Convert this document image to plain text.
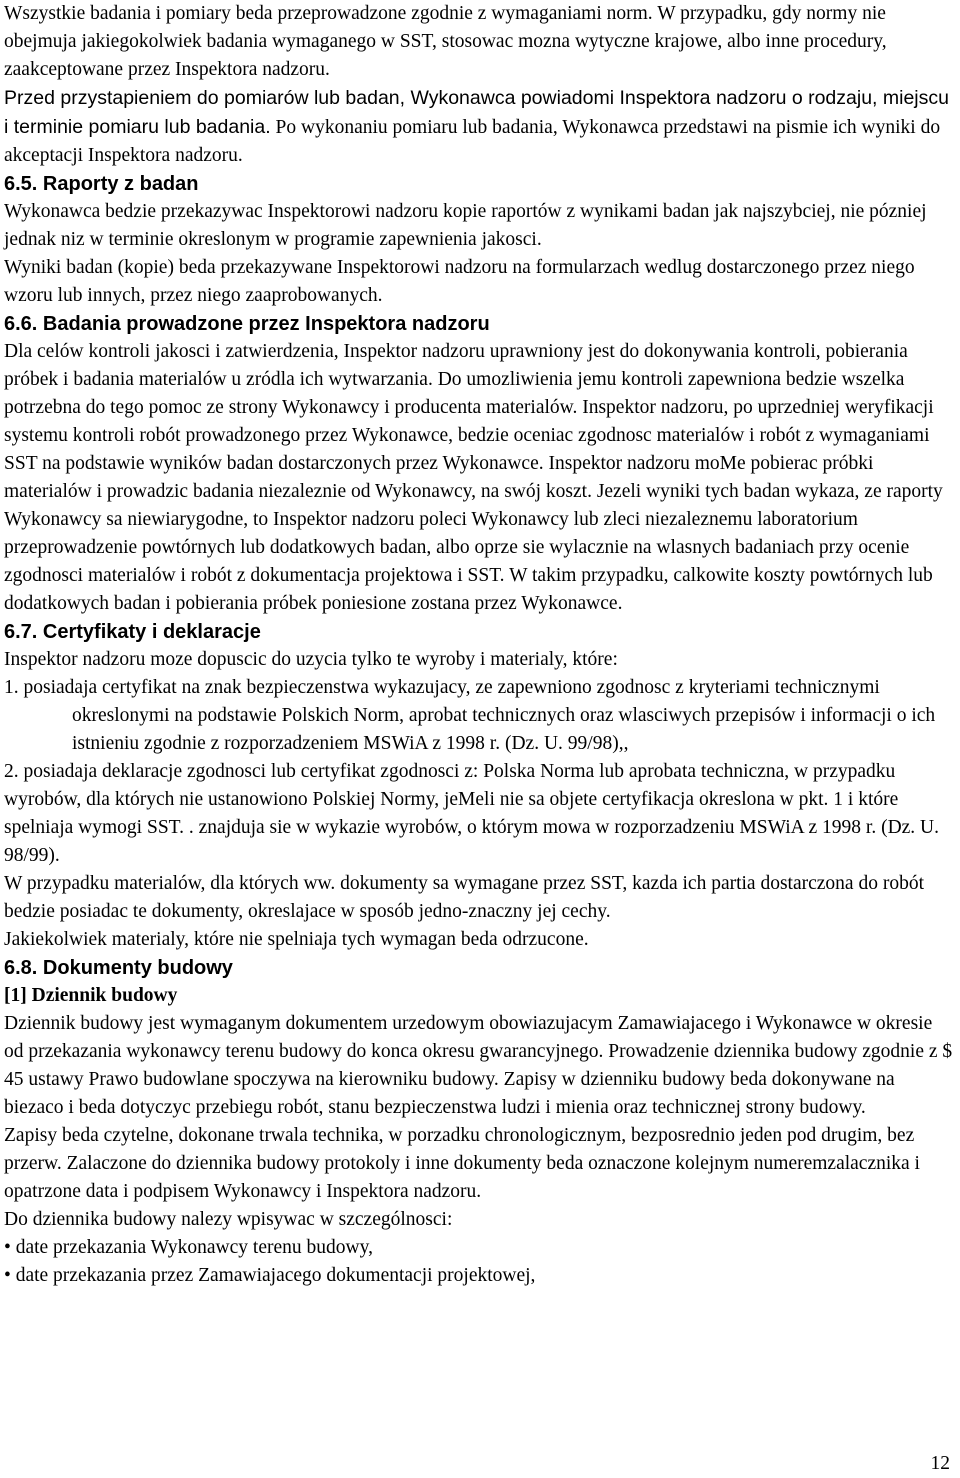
Wszystkie badania i pomiary beda przeprowadzone zgodnie z wymaganiami norm. W przypadku, gdy normy nie obejmuja jakiegokolwiek badania wymaganego w SST, stosowac mozna wytyczne krajowe, albo inne procedury, zaakceptowane przez Inspektora nadzoru.

Przed przystapieniem do pomiarów lub badan, Wykonawca powiadomi Inspektora nadzoru o rodzaju, miejscu i terminie pomiaru lub badania. Po wykonaniu pomiaru lub badania, Wykonawca przedstawi na pismie ich wyniki do akceptacji Inspektora nadzoru.

6.5. Raporty z badan

Wykonawca bedzie przekazywac Inspektorowi nadzoru kopie raportów z wynikami badan jak najszybciej, nie pózniej jednak niz w terminie okreslonym w programie zapewnienia jakosci.

Wyniki badan (kopie) beda przekazywane Inspektorowi nadzoru na formularzach wedlug dostarczonego przez niego wzoru lub innych, przez niego zaaprobowanych.

6.6. Badania prowadzone przez Inspektora nadzoru

Dla celów kontroli jakosci i zatwierdzenia, Inspektor nadzoru uprawniony jest do dokonywania kontroli, pobierania próbek i badania materialów u zródla ich wytwarzania. Do umozliwienia jemu kontroli zapewniona bedzie wszelka potrzebna do tego pomoc ze strony Wykonawcy i producenta materialów. Inspektor nadzoru, po uprzedniej weryfikacji systemu kontroli robót prowadzonego przez Wykonawce, bedzie oceniac zgodnosc materialów i robót z wymaganiami SST na podstawie wyników badan dostarczonych przez Wykonawce. Inspektor nadzoru moMe pobierac próbki materialów i prowadzic badania niezaleznie od Wykonawcy, na swój koszt. Jezeli wyniki tych badan wykaza, ze raporty Wykonawcy sa niewiarygodne, to Inspektor nadzoru poleci Wykonawcy lub zleci niezaleznemu laboratorium przeprowadzenie powtórnych lub dodatkowych badan, albo oprze sie wylacznie na wlasnych badaniach przy ocenie zgodnosci materialów i robót z dokumentacja projektowa i SST. W takim przypadku, calkowite koszty powtórnych lub dodatkowych badan i pobierania próbek poniesione zostana przez Wykonawce.

6.7. Certyfikaty i deklaracje

Inspektor nadzoru moze dopuscic do uzycia tylko te wyroby i materialy, które:

1. posiadaja certyfikat na znak bezpieczenstwa wykazujacy, ze zapewniono zgodnosc z kryteriami technicznymi okreslonymi na podstawie Polskich Norm, aprobat technicznych oraz wlasciwych przepisów i informacji o ich istnieniu zgodnie z rozporzadzeniem MSWiA z 1998 r. (Dz. U. 99/98),,

2. posiadaja deklaracje zgodnosci lub certyfikat zgodnosci z: Polska Norma lub aprobata techniczna, w przypadku wyrobów, dla których nie ustanowiono Polskiej Normy, jeMeli nie sa objete certyfikacja okreslona w pkt. 1 i które spelniaja wymogi SST. . znajduja sie w wykazie wyrobów, o którym mowa w rozporzadzeniu MSWiA z 1998 r. (Dz. U. 98/99).

W przypadku materialów, dla których ww. dokumenty sa wymagane przez SST, kazda ich partia dostarczona do robót bedzie posiadac te dokumenty, okreslajace w sposób jedno-znaczny jej cechy.

Jakiekolwiek materialy, które nie spelniaja tych wymagan beda odrzucone.

6.8. Dokumenty budowy
[1] Dziennik budowy

Dziennik budowy jest wymaganym dokumentem urzedowym obowiazujacym Zamawiajacego i Wykonawce w okresie od przekazania wykonawcy terenu budowy do konca okresu gwarancyjnego. Prowadzenie dziennika budowy zgodnie z $ 45 ustawy Prawo budowlane spoczywa na kierowniku budowy. Zapisy w dzienniku budowy beda dokonywane na biezaco i beda dotyczyc przebiegu robót, stanu bezpieczenstwa ludzi i mienia oraz technicznej strony budowy.

Zapisy beda czytelne, dokonane trwala technika, w porzadku chronologicznym, bezposrednio jeden pod drugim, bez przerw. Zalaczone do dziennika budowy protokoly i inne dokumenty beda oznaczone kolejnym numeremzalacznika i opatrzone data i podpisem Wykonawcy i Inspektora nadzoru.

Do dziennika budowy nalezy wpisywac w szczególnosci:

• date przekazania Wykonawcy terenu budowy,

• date przekazania przez Zamawiajacego dokumentacji projektowej,

12
